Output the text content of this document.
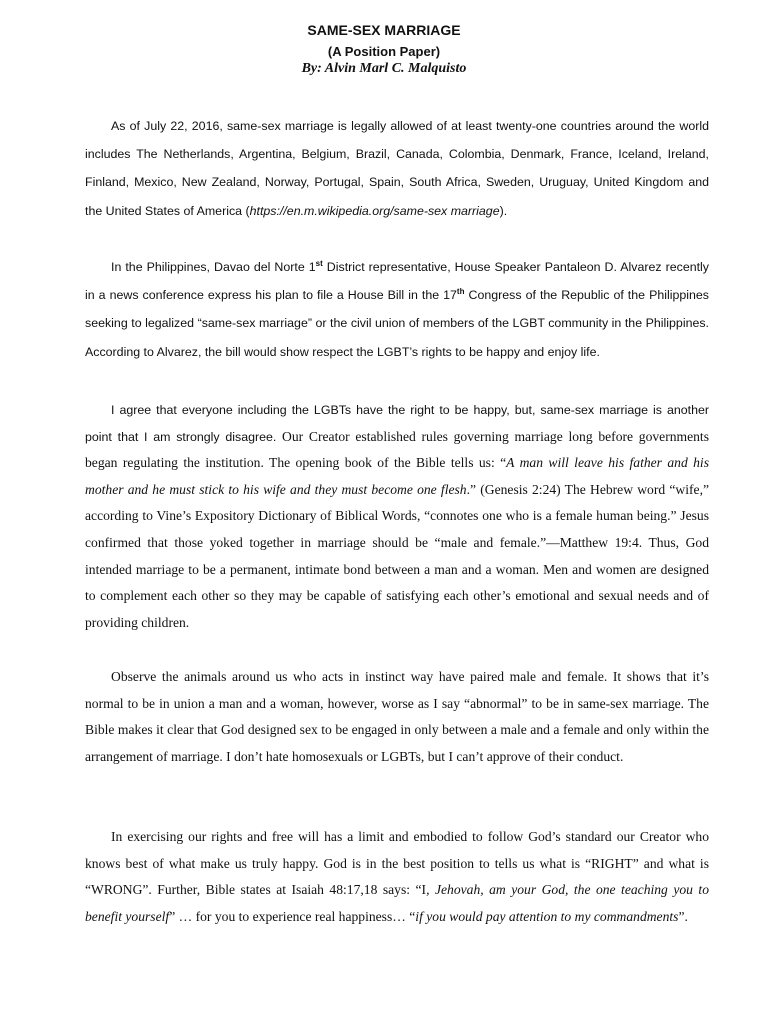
SAME-SEX MARRIAGE
(A Position Paper)
By: Alvin Marl C. Malquisto

As of July 22, 2016, same-sex marriage is legally allowed of at least twenty-one countries around the world includes The Netherlands, Argentina, Belgium, Brazil, Canada, Colombia, Denmark, France, Iceland, Ireland, Finland, Mexico, New Zealand, Norway, Portugal, Spain, South Africa, Sweden, Uruguay, United Kingdom and the United States of America (https://en.m.wikipedia.org/same-sex marriage).

In the Philippines, Davao del Norte 1st District representative, House Speaker Pantaleon D. Alvarez recently in a news conference express his plan to file a House Bill in the 17th Congress of the Republic of the Philippines seeking to legalized “same-sex marriage” or the civil union of members of the LGBT community in the Philippines. According to Alvarez, the bill would show respect the LGBT’s rights to be happy and enjoy life.

I agree that everyone including the LGBTs have the right to be happy, but, same-sex marriage is another point that I am strongly disagree. Our Creator established rules governing marriage long before governments began regulating the institution. The opening book of the Bible tells us: “A man will leave his father and his mother and he must stick to his wife and they must become one flesh.” (Genesis 2:24) The Hebrew word “wife,” according to Vine’s Expository Dictionary of Biblical Words, “connotes one who is a female human being.” Jesus confirmed that those yoked together in marriage should be “male and female.”—Matthew 19:4. Thus, God intended marriage to be a permanent, intimate bond between a man and a woman. Men and women are designed to complement each other so they may be capable of satisfying each other’s emotional and sexual needs and of providing children.

Observe the animals around us who acts in instinct way have paired male and female. It shows that it’s normal to be in union a man and a woman, however, worse as I say “abnormal” to be in same-sex marriage. The Bible makes it clear that God designed sex to be engaged in only between a male and a female and only within the arrangement of marriage. I don’t hate homosexuals or LGBTs, but I can’t approve of their conduct.

In exercising our rights and free will has a limit and embodied to follow God’s standard our Creator who knows best of what make us truly happy. God is in the best position to tells us what is “RIGHT” and what is “WRONG”. Further, Bible states at Isaiah 48:17,18 says: “I, Jehovah, am your God, the one teaching you to benefit yourself” … for you to experience real happiness… “if you would pay attention to my commandments”.
